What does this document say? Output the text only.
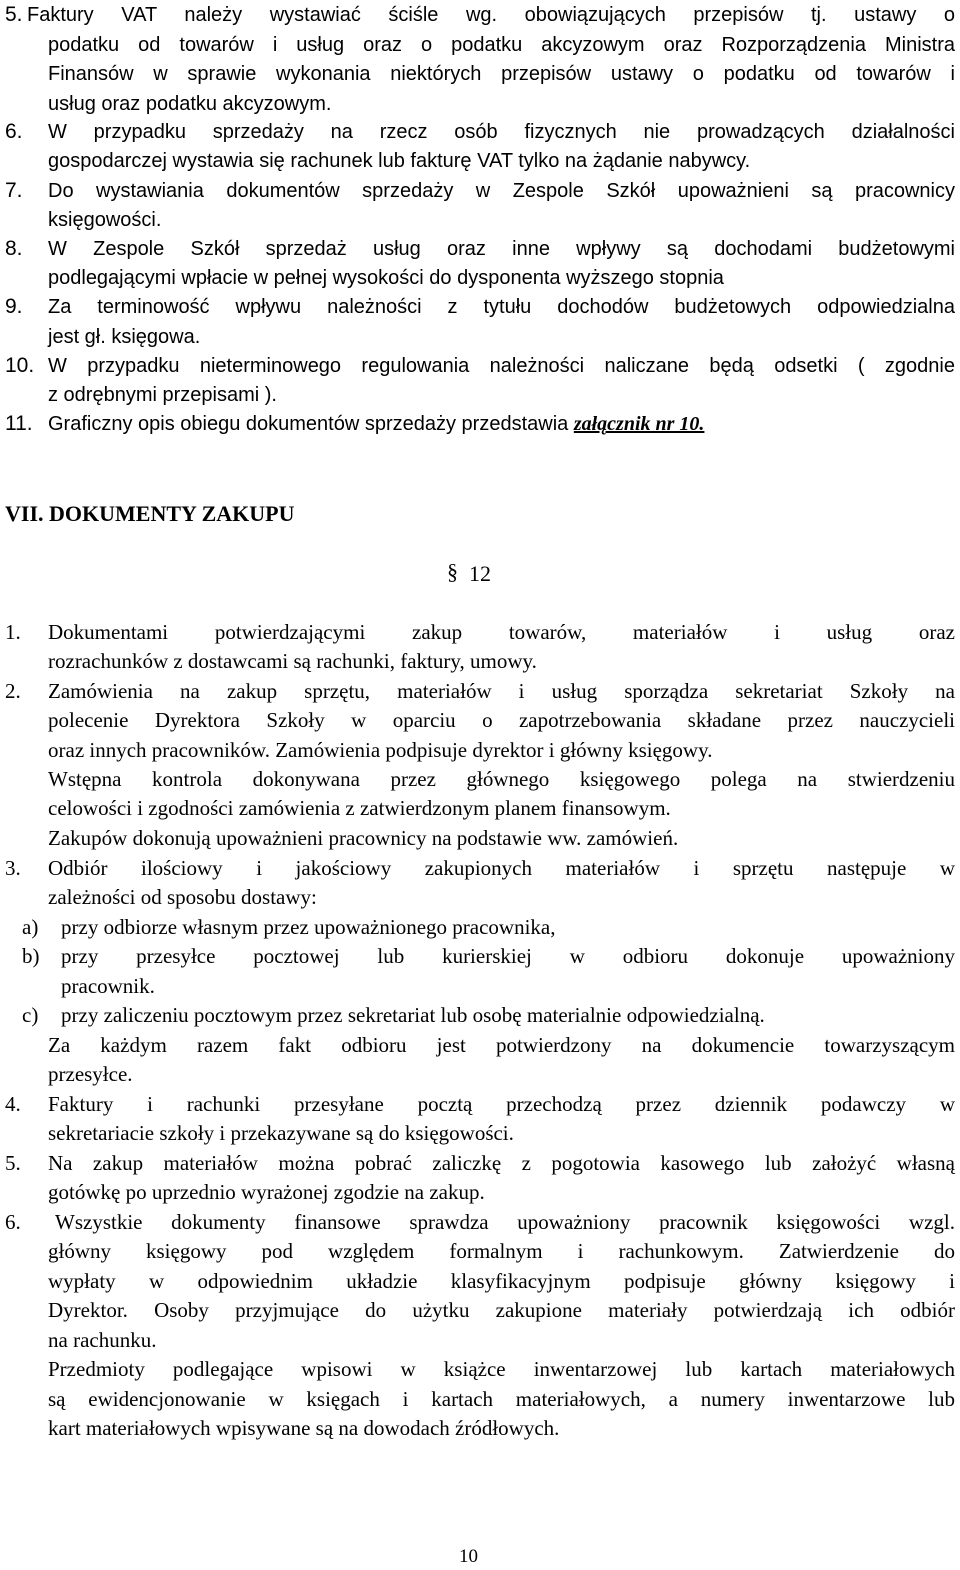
5. Faktury VAT należy wystawiać ściśle wg. obowiązujących przepisów tj. ustawy o
podatku od towarów i usług oraz o podatku akcyzowym oraz Rozporządzenia Ministra
Finansów w sprawie wykonania niektórych przepisów ustawy o podatku od towarów i
usług oraz podatku akcyzowym.
6. W przypadku sprzedaży na rzecz osób fizycznych nie prowadzących działalności
gospodarczej wystawia się rachunek lub fakturę VAT tylko na żądanie nabywcy.
7. Do wystawiania dokumentów sprzedaży w Zespole Szkół upoważnieni są pracownicy
księgowości.
8. W Zespole Szkół sprzedaż usług oraz inne wpływy są dochodami budżetowymi
podlegającymi wpłacie w pełnej wysokości do dysponenta wyższego stopnia
9. Za terminowość wpływu należności z tytułu dochodów budżetowych odpowiedzialna
jest gł. księgowa.
10. W przypadku nieterminowego regulowania należności naliczane będą odsetki ( zgodnie
z odrębnymi przepisami ).
11. Graficzny opis obiegu dokumentów sprzedaży przedstawia załącznik nr 10.
VII. DOKUMENTY ZAKUPU
§ 12
1. Dokumentami potwierdzającymi zakup towarów, materiałów i usług oraz
rozrachunków z dostawcami są rachunki, faktury, umowy.
2. Zamówienia na zakup sprzętu, materiałów i usług sporządza sekretariat Szkoły na
polecenie Dyrektora Szkoły w oparciu o zapotrzebowania składane przez nauczycieli
oraz innych pracowników. Zamówienia podpisuje dyrektor i główny księgowy.
Wstępna kontrola dokonywana przez głównego księgowego polega na stwierdzeniu
celowości i zgodności zamówienia z zatwierdzonym planem finansowym.
Zakupów dokonują upoważnieni pracownicy na podstawie ww. zamówień.
3. Odbiór ilościowy i jakościowy zakupionych materiałów i sprzętu następuje w
zależności od sposobu dostawy:
a) przy odbiorze własnym przez upoważnionego pracownika,
b) przy przesyłce pocztowej lub kurierskiej w odbioru dokonuje upoważniony
pracownik.
c) przy zaliczeniu pocztowym przez sekretariat lub osobę materialnie odpowiedzialną.
Za każdym razem fakt odbioru jest potwierdzony na dokumencie towarzyszącym
przesyłce.
4. Faktury i rachunki przesyłane pocztą przechodzą przez dziennik podawczy w
sekretariacie szkoły i przekazywane są do księgowości.
5. Na zakup materiałów można pobrać zaliczkę z pogotowia kasowego lub założyć własną
gotówkę po uprzednio wyrażonej zgodzie na zakup.
6. Wszystkie dokumenty finansowe sprawdza upoważniony pracownik księgowości wzgl.
główny księgowy pod względem formalnym i rachunkowym. Zatwierdzenie do
wypłaty w odpowiednim układzie klasyfikacyjnym podpisuje główny księgowy i
Dyrektor. Osoby przyjmujące do użytku zakupione materiały potwierdzają ich odbiór
na rachunku.
Przedmioty podlegające wpisowi w książce inwentarzowej lub kartach materiałowych
są ewidencjonowanie w księgach i kartach materiałowych, a numery inwentarzowe lub
kart materiałowych wpisywane są na dowodach źródłowych.
10
